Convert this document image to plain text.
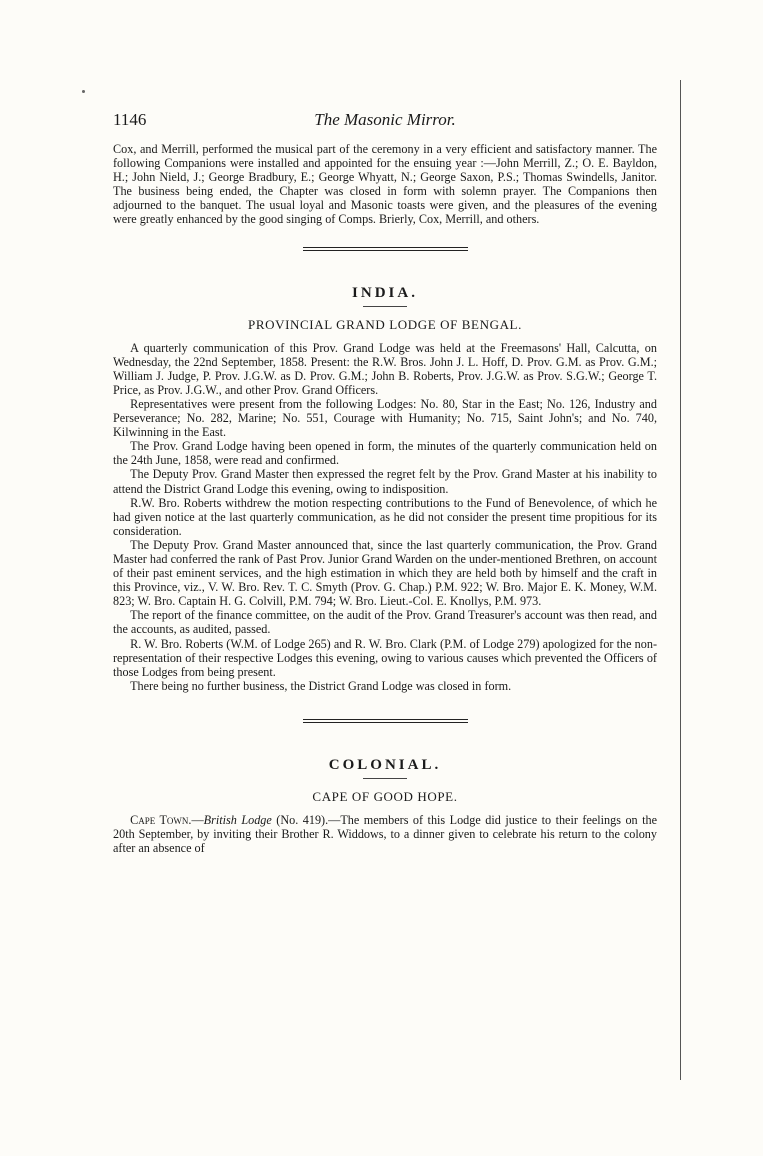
1146	The Masonic Mirror.

Cox, and Merrill, performed the musical part of the ceremony in a very efficient and satisfactory manner. The following Companions were installed and appointed for the ensuing year :—John Merrill, Z.; O. E. Bayldon, H.; John Nield, J.; George Bradbury, E.; George Whyatt, N.; George Saxon, P.S.; Thomas Swindells, Janitor. The business being ended, the Chapter was closed in form with solemn prayer. The Companions then adjourned to the banquet. The usual loyal and Masonic toasts were given, and the pleasures of the evening were greatly enhanced by the good singing of Comps. Brierly, Cox, Merrill, and others.

INDIA.
PROVINCIAL GRAND LODGE OF BENGAL.

A quarterly communication of this Prov. Grand Lodge was held at the Freemasons' Hall, Calcutta, on Wednesday, the 22nd September, 1858. Present: the R.W. Bros. John J. L. Hoff, D. Prov. G.M. as Prov. G.M.; William J. Judge, P. Prov. J.G.W. as D. Prov. G.M.; John B. Roberts, Prov. J.G.W. as Prov. S.G.W.; George T. Price, as Prov. J.G.W., and other Prov. Grand Officers.

Representatives were present from the following Lodges: No. 80, Star in the East; No. 126, Industry and Perseverance; No. 282, Marine; No. 551, Courage with Humanity; No. 715, Saint John's; and No. 740, Kilwinning in the East.

The Prov. Grand Lodge having been opened in form, the minutes of the quarterly communication held on the 24th June, 1858, were read and confirmed.

The Deputy Prov. Grand Master then expressed the regret felt by the Prov. Grand Master at his inability to attend the District Grand Lodge this evening, owing to indisposition.

R.W. Bro. Roberts withdrew the motion respecting contributions to the Fund of Benevolence, of which he had given notice at the last quarterly communication, as he did not consider the present time propitious for its consideration.

The Deputy Prov. Grand Master announced that, since the last quarterly communication, the Prov. Grand Master had conferred the rank of Past Prov. Junior Grand Warden on the under-mentioned Brethren, on account of their past eminent services, and the high estimation in which they are held both by himself and the craft in this Province, viz., V. W. Bro. Rev. T. C. Smyth (Prov. G. Chap.) P.M. 922; W. Bro. Major E. K. Money, W.M. 823; W. Bro. Captain H. G. Colvill, P.M. 794; W. Bro. Lieut.-Col. E. Knollys, P.M. 973.

The report of the finance committee, on the audit of the Prov. Grand Treasurer's account was then read, and the accounts, as audited, passed.

R. W. Bro. Roberts (W.M. of Lodge 265) and R. W. Bro. Clark (P.M. of Lodge 279) apologized for the non-representation of their respective Lodges this evening, owing to various causes which prevented the Officers of those Lodges from being present.

There being no further business, the District Grand Lodge was closed in form.

COLONIAL.
CAPE OF GOOD HOPE.

Cape Town.—British Lodge (No. 419).—The members of this Lodge did justice to their feelings on the 20th September, by inviting their Brother R. Widdows, to a dinner given to celebrate his return to the colony after an absence of
